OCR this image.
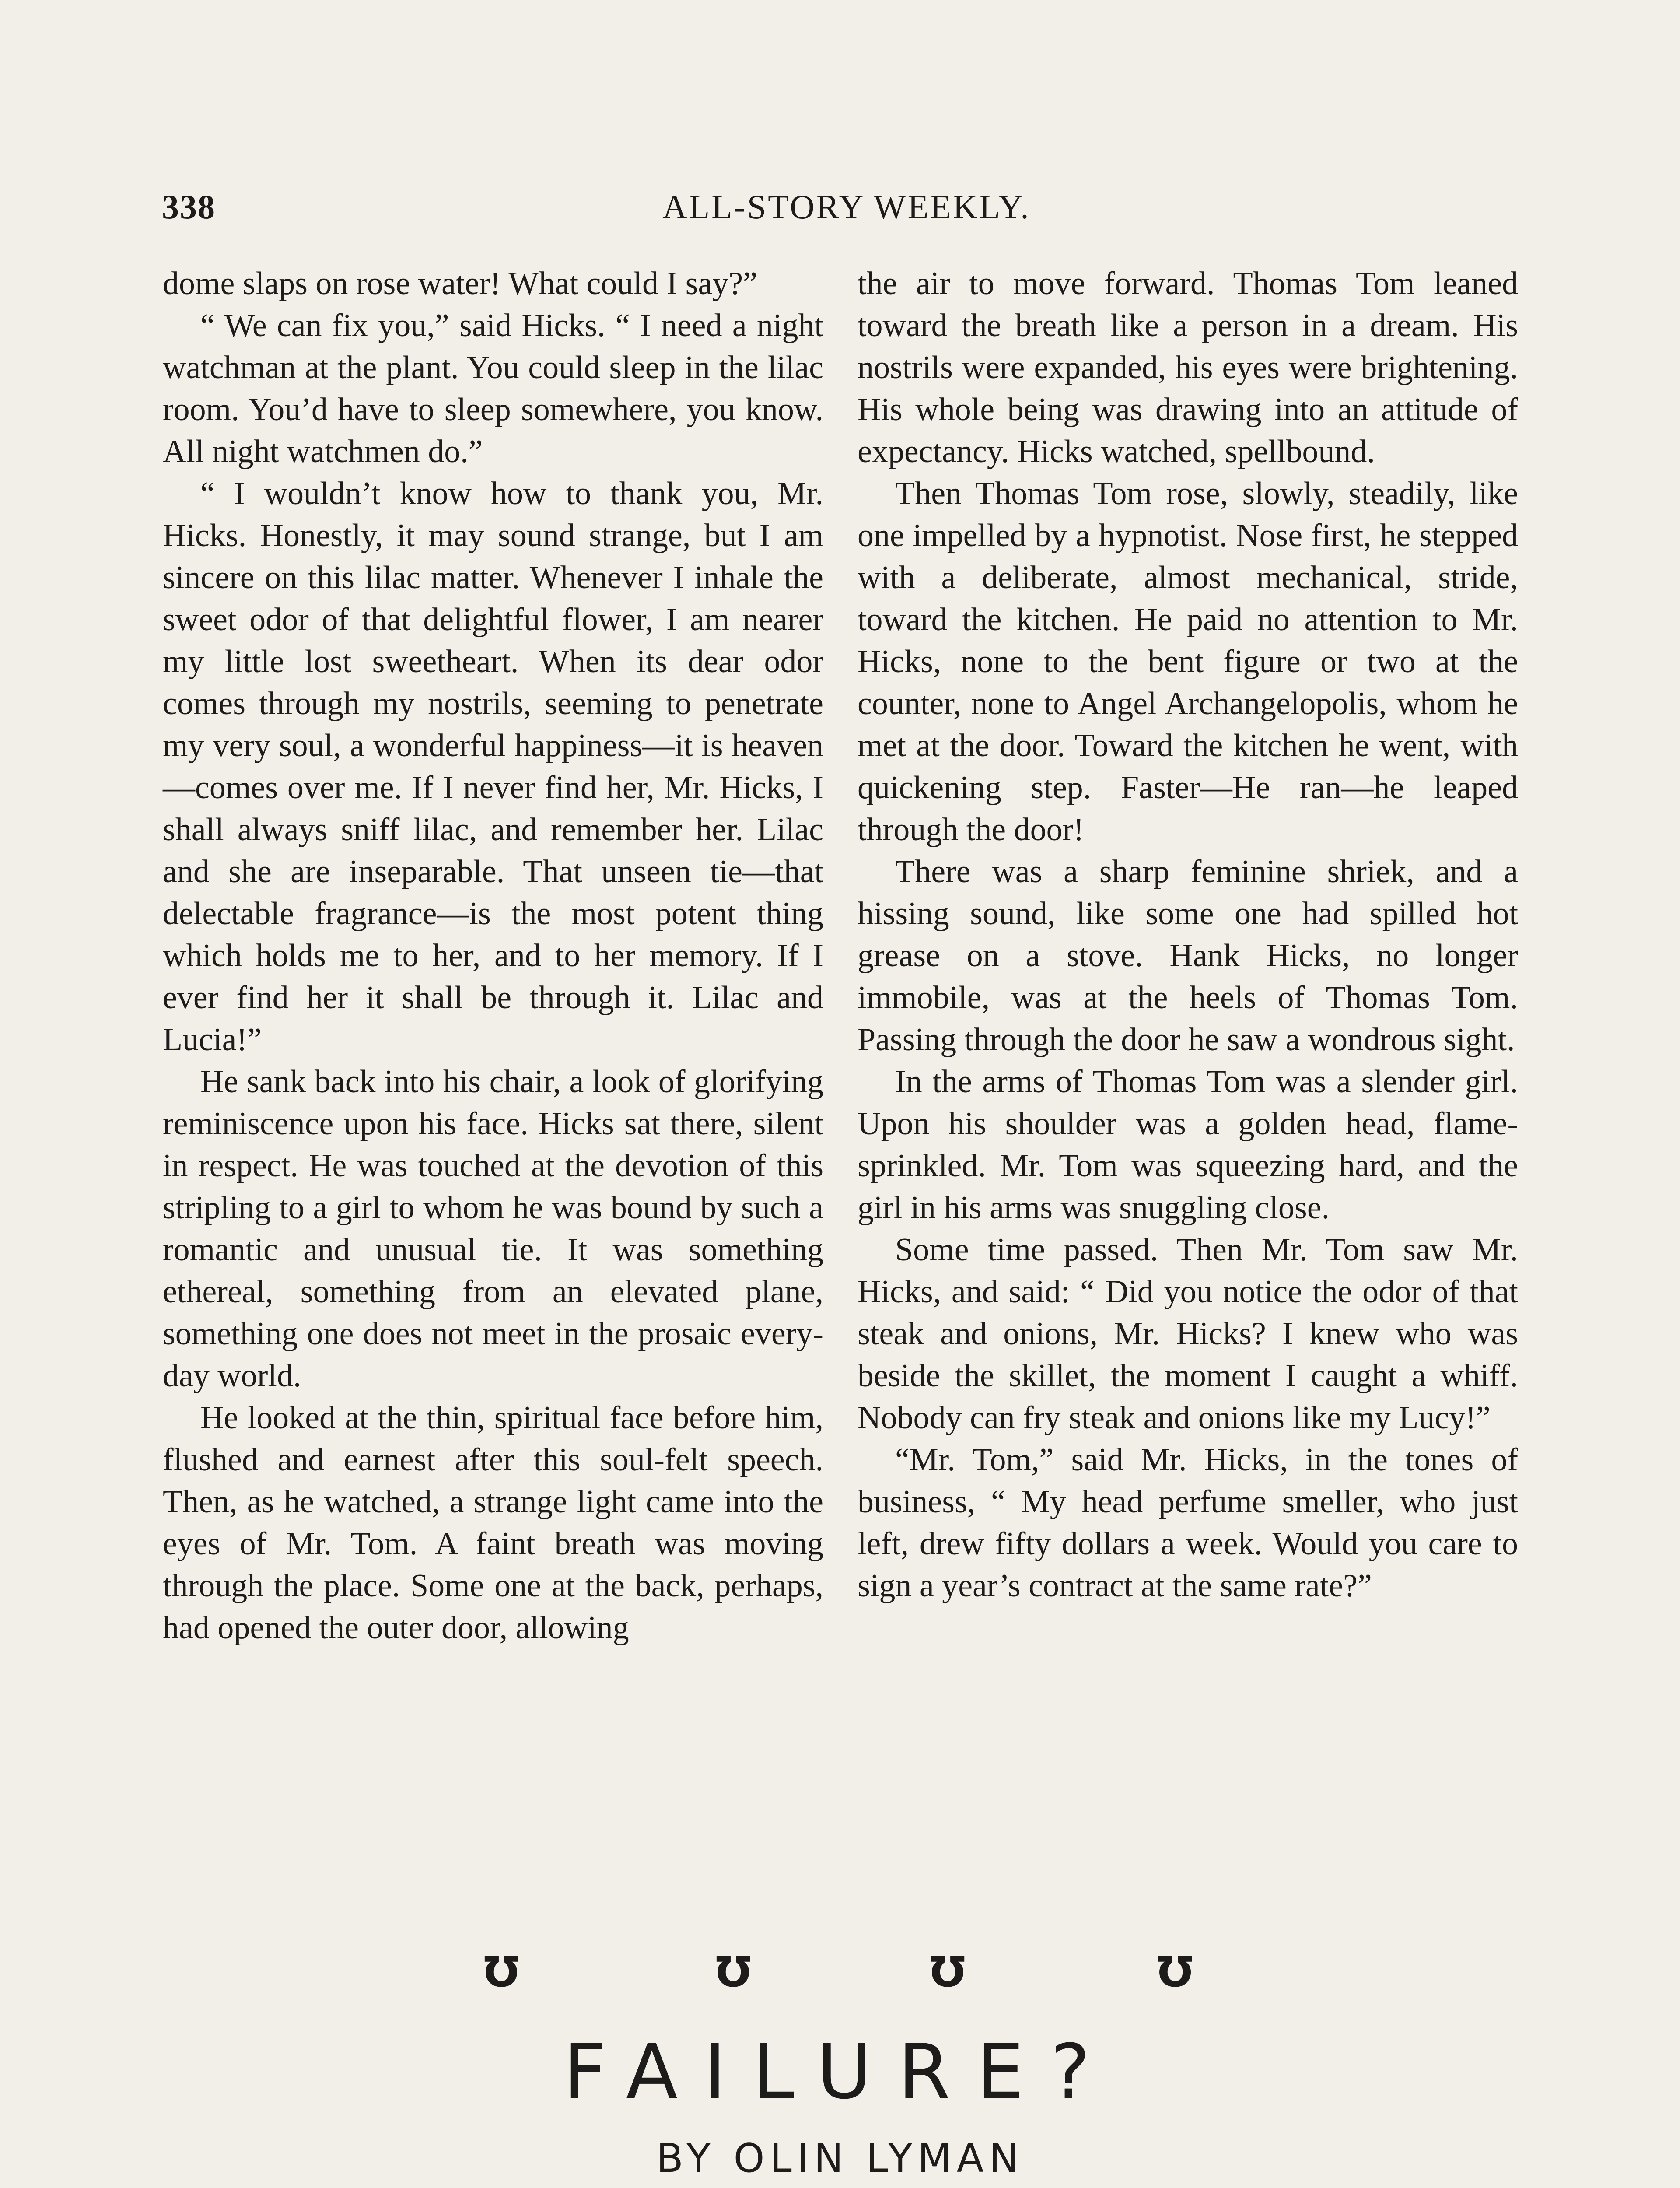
338	ALL-STORY WEEKLY.

dome slaps on rose water! What could I say?”

“ We can fix you,” said Hicks. “ I need a night watchman at the plant. You could sleep in the lilac room. You’d have to sleep somewhere, you know. All night watchmen do.”

“ I wouldn’t know how to thank you, Mr. Hicks. Honestly, it may sound strange, but I am sincere on this lilac matter. Whenever I inhale the sweet odor of that delightful flower, I am nearer my little lost sweetheart. When its dear odor comes through my nostrils, seeming to penetrate my very soul, a wonderful happiness—it is heaven—comes over me. If I never find her, Mr. Hicks, I shall always sniff lilac, and remember her. Lilac and she are inseparable. That unseen tie—that delectable fragrance—is the most potent thing which holds me to her, and to her memory. If I ever find her it shall be through it. Lilac and Lucia!”

He sank back into his chair, a look of glorifying reminiscence upon his face. Hicks sat there, silent in respect. He was touched at the devotion of this stripling to a girl to whom he was bound by such a romantic and unusual tie. It was something ethereal, something from an elevated plane, something one does not meet in the prosaic every-day world.

He looked at the thin, spiritual face before him, flushed and earnest after this soul-felt speech. Then, as he watched, a strange light came into the eyes of Mr. Tom. A faint breath was moving through the place. Some one at the back, perhaps, had opened the outer door, allowing

the air to move forward. Thomas Tom leaned toward the breath like a person in a dream. His nostrils were expanded, his eyes were brightening. His whole being was drawing into an attitude of expectancy. Hicks watched, spellbound.

Then Thomas Tom rose, slowly, steadily, like one impelled by a hypnotist. Nose first, he stepped with a deliberate, almost mechanical, stride, toward the kitchen. He paid no attention to Mr. Hicks, none to the bent figure or two at the counter, none to Angel Archangelopolis, whom he met at the door. Toward the kitchen he went, with quickening step. Faster—He ran—he leaped through the door!

There was a sharp feminine shriek, and a hissing sound, like some one had spilled hot grease on a stove. Hank Hicks, no longer immobile, was at the heels of Thomas Tom. Passing through the door he saw a wondrous sight.

In the arms of Thomas Tom was a slender girl. Upon his shoulder was a golden head, flame-sprinkled. Mr. Tom was squeezing hard, and the girl in his arms was snuggling close.

Some time passed. Then Mr. Tom saw Mr. Hicks, and said: “ Did you notice the odor of that steak and onions, Mr. Hicks? I knew who was beside the skillet, the moment I caught a whiff. Nobody can fry steak and onions like my Lucy!”

“Mr. Tom,” said Mr. Hicks, in the tones of business, “ My head perfume smeller, who just left, drew fifty dollars a week. Would you care to sign a year’s contract at the same rate?”

Ʊ	Ʊ	Ʊ	Ʊ
FAILURE?
BY OLIN LYMAN
